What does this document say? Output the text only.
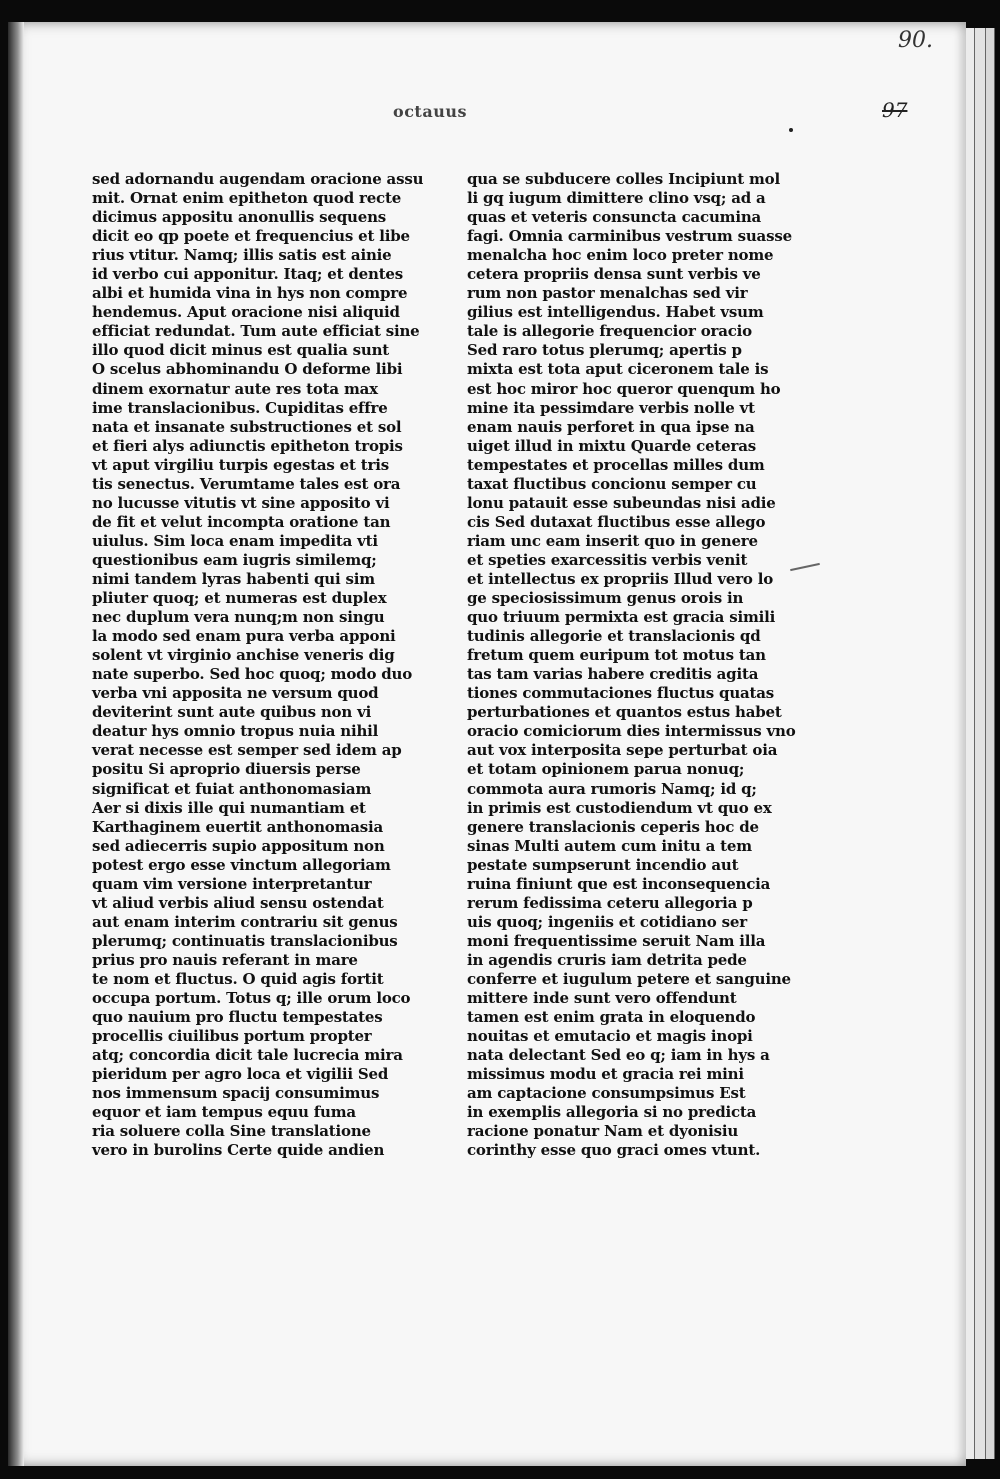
90.
octauus	97
sed adornandu augendam oracione assu
mit. Ornat enim epitheton quod recte
dicimus appositu anonullis sequens
dicit eo qp poete et frequencius et libe
rius vtitur. Namq; illis satis est ainie
id verbo cui apponitur. Itaq; et dentes
albi et humida vina in hys non compre
hendemus. Aput oracione nisi aliquid
efficiat redundat. Tum aute efficiat sine
illo quod dicit minus est qualia sunt
O scelus abhominandu O deforme libi
dinem exornatur aute res tota max
ime translacionibus. Cupiditas effre
nata et insanate substructiones et sol
et fieri alys adiunctis epitheton tropis
vt aput virgiliu turpis egestas et tris
tis senectus. Verumtame tales est ora
no lucusse vitutis vt sine apposito vi
de fit et velut incompta oratione tan
uiulus. Sim loca enam impedita vti
questionibus eam iugris similemq;
nimi tandem lyras habenti qui sim
pliuter quoq; et numeras est duplex
nec duplum vera nunq;m non singu
la modo sed enam pura verba apponi
solent vt virginio anchise veneris dig
nate superbo. Sed hoc quoq; modo duo
verba vni apposita ne versum quod
deviterint sunt aute quibus non vi
deatur hys omnio tropus nuia nihil
verat necesse est semper sed idem ap
positu Si aproprio diuersis perse
significat et fuiat anthonomasiam
Aer si dixis ille qui numantiam et
Karthaginem euertit anthonomasia
sed adiecerris supio appositum non
potest ergo esse vinctum allegoriam
quam vim versione interpretantur
vt aliud verbis aliud sensu ostendat
aut enam interim contrariu sit genus
plerumq; continuatis translacionibus
prius pro nauis referant in mare
te nom et fluctus. O quid agis fortit
occupa portum. Totus q; ille orum loco
quo nauium pro fluctu tempestates
procellis ciuilibus portum propter
atq; concordia dicit tale lucrecia mira
pieridum per agro loca et vigilii Sed
nos immensum spacij consumimus
equor et iam tempus equu fuma
ria soluere colla Sine translatione
vero in burolins Certe quide andien
qua se subducere colles Incipiunt mol
li gq iugum dimittere clino vsq; ad a
quas et veteris consuncta cacumina
fagi. Omnia carminibus vestrum suasse
menalcha hoc enim loco preter nome
cetera propriis densa sunt verbis ve
rum non pastor menalchas sed vir
gilius est intelligendus. Habet vsum
tale is allegorie frequencior oracio
Sed raro totus plerumq; apertis p
mixta est tota aput ciceronem tale is
est hoc miror hoc queror quenqum ho
mine ita pessimdare verbis nolle vt
enam nauis perforet in qua ipse na
uiget illud in mixtu Quarde ceteras
tempestates et procellas milles dum
taxat fluctibus concionu semper cu
lonu patauit esse subeundas nisi adie
cis Sed dutaxat fluctibus esse allego
riam unc eam inserit quo in genere
et speties exarcessitis verbis venit
et intellectus ex propriis Illud vero lo
ge speciosissimum genus orois in
quo triuum permixta est gracia simili
tudinis allegorie et translacionis qd
fretum quem euripum tot motus tan
tas tam varias habere creditis agita
tiones commutaciones fluctus quatas
perturbationes et quantos estus habet
oracio comiciorum dies intermissus vno
aut vox interposita sepe perturbat oia
et totam opinionem parua nonuq;
commota aura rumoris Namq; id q;
in primis est custodiendum vt quo ex
genere translacionis ceperis hoc de
sinas Multi autem cum initu a tem
pestate sumpserunt incendio aut
ruina finiunt que est inconsequencia
rerum fedissima ceteru allegoria p
uis quoq; ingeniis et cotidiano ser
moni frequentissime seruit Nam illa
in agendis cruris iam detrita pede
conferre et iugulum petere et sanguine
mittere inde sunt vero offendunt
tamen est enim grata in eloquendo
nouitas et emutacio et magis inopi
nata delectant Sed eo q; iam in hys a
missimus modu et gracia rei mini
am captacione consumpsimus Est
in exemplis allegoria si no predicta
racione ponatur Nam et dyonisiu
corinthy esse quo graci omes vtunt.
